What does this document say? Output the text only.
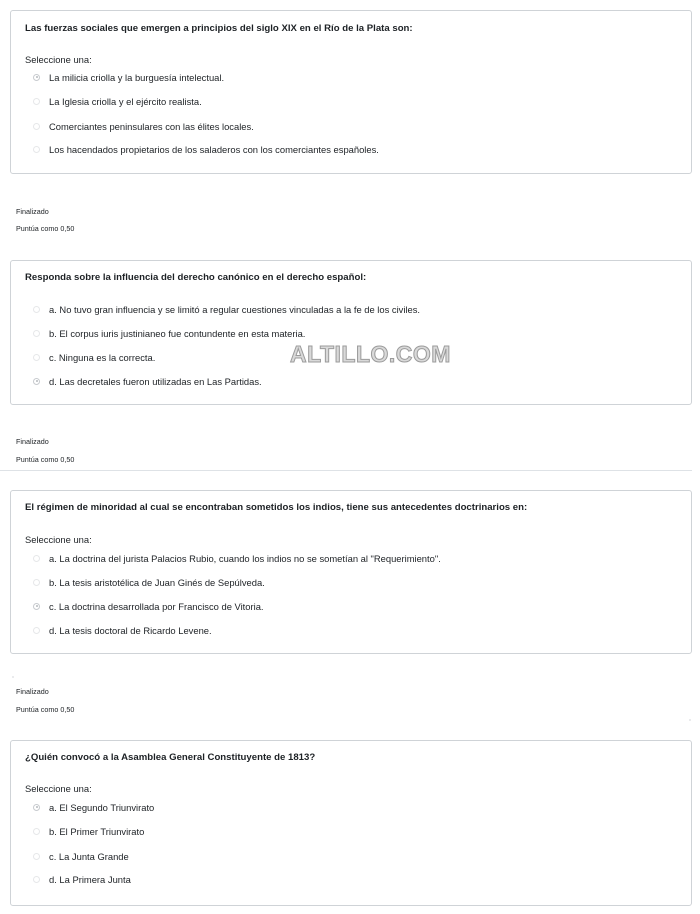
Las fuerzas sociales que emergen a principios del siglo XIX en el Río de la Plata son:
Seleccione una:
La milicia criolla y la burguesía intelectual.
La Iglesia criolla y el ejército realista.
Comerciantes peninsulares con las élites locales.
Los hacendados propietarios de los saladeros con los comerciantes españoles.
Finalizado
Puntúa como 0,50
Responda sobre la influencia del derecho canónico en el derecho español:
a. No tuvo gran influencia y se limitó a regular cuestiones vinculadas a la fe de los civiles.
b. El corpus iuris justinianeo fue contundente en esta materia.
c. Ninguna es la correcta.
d. Las decretales fueron utilizadas en Las Partidas.
ALTILLO.COM
Finalizado
Puntúa como 0,50
El régimen de minoridad al cual se encontraban sometidos los indios, tiene sus antecedentes doctrinarios en:
Seleccione una:
a. La doctrina del jurista Palacios Rubio, cuando los indios no se sometían al "Requerimiento".
b. La tesis aristotélica de Juan Ginés de Sepúlveda.
c. La doctrina desarrollada por Francisco de Vitoria.
d. La tesis doctoral de Ricardo Levene.
Finalizado
Puntúa como 0,50
¿Quién convocó a la Asamblea General Constituyente de 1813?
Seleccione una:
a. El Segundo Triunvirato
b. El Primer Triunvirato
c. La Junta Grande
d. La Primera Junta
